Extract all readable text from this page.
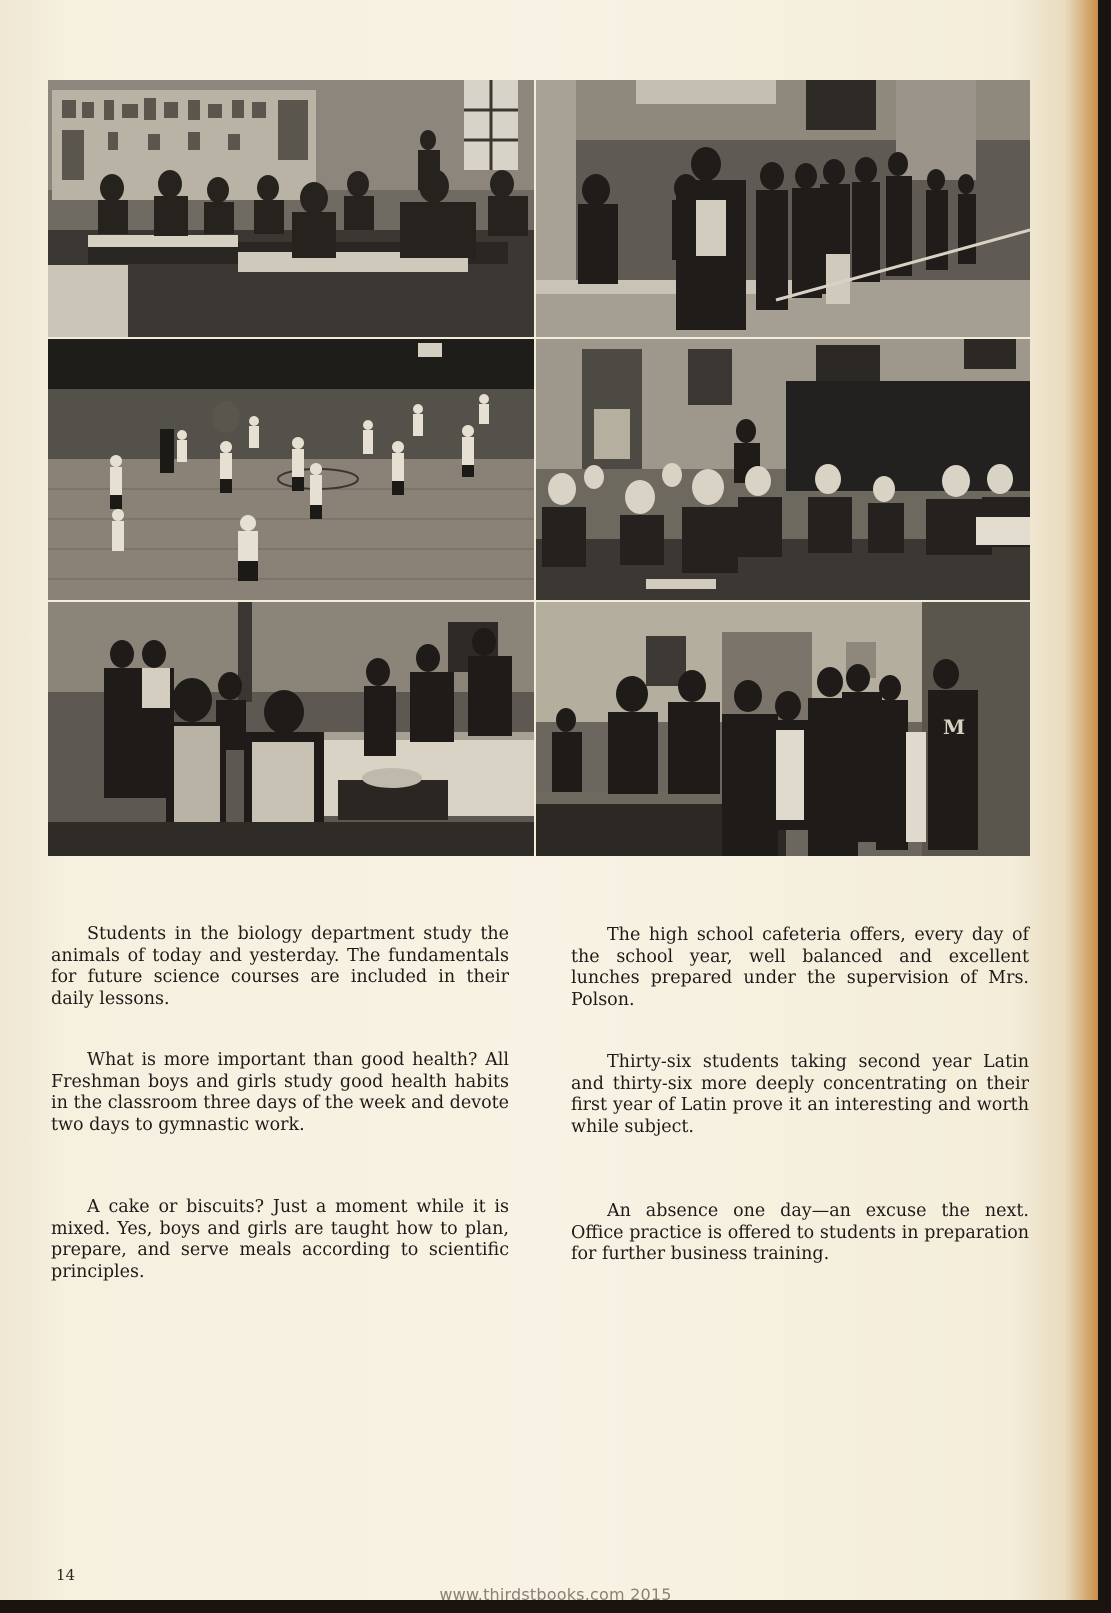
M

Students in the biology department study the animals of today and yesterday. The fundamentals for future science courses are included in their daily lessons.

What is more important than good health? All Freshman boys and girls study good health habits in the classroom three days of the week and devote two days to gymnastic work.

A cake or biscuits? Just a moment while it is mixed. Yes, boys and girls are taught how to plan, prepare, and serve meals according to scientific principles.

The high school cafeteria offers, every day of the school year, well balanced and excellent lunches prepared under the supervision of Mrs. Polson.

Thirty-six students taking second year Latin and thirty-six more deeply concentrating on their first year of Latin prove it an interesting and worth while subject.

An absence one day—an excuse the next. Office practice is offered to students in preparation for further business training.

14
www.thirdstbooks.com 2015
